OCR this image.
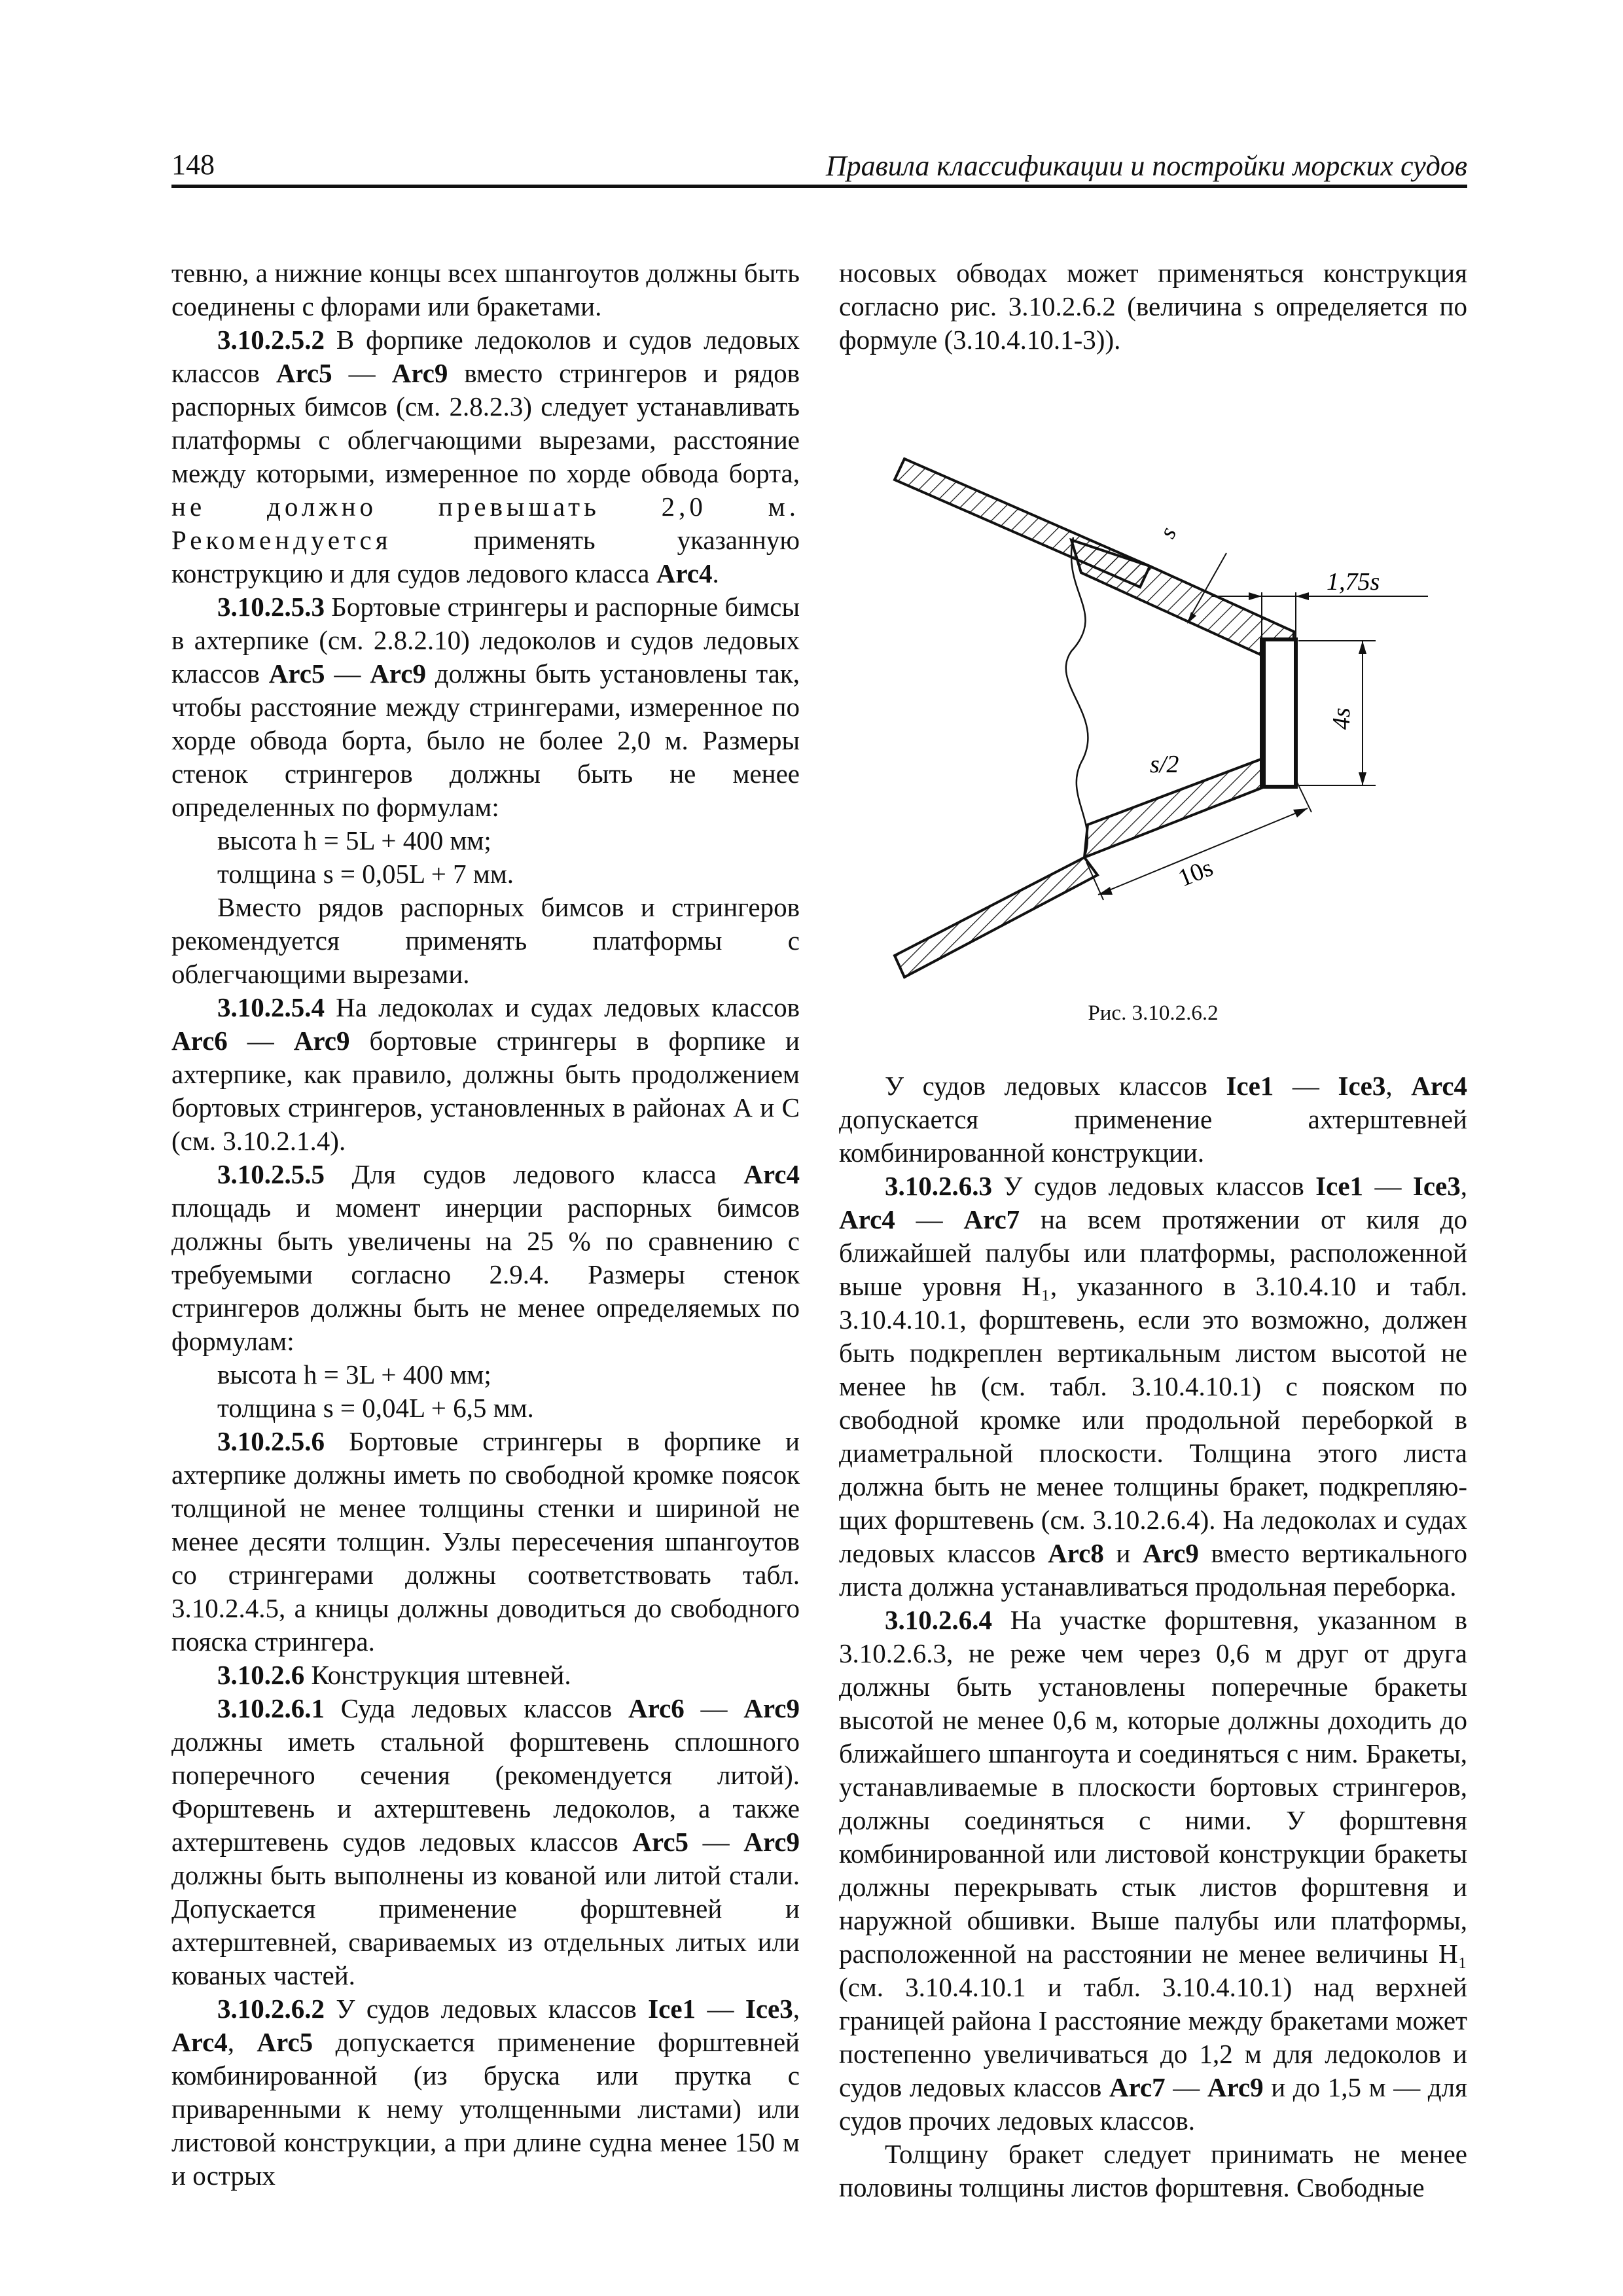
148	Правила классификации и постройки морских судов

тевню, а нижние концы всех шпангоутов должны быть соединены с флорами или бракетами.

3.10.2.5.2 В форпике ледоколов и судов ледовых классов Arc5 — Arc9 вместо стрингеров и рядов распорных бимсов (см. 2.8.2.3) следует устанавливать платформы с облегчающими вырезами, расстояние между которыми, измеренное по хорде обвода борта, не должно превышать 2,0 м. Рекомендуется применять указанную конструкцию и для судов ледового класса Arc4.

3.10.2.5.3 Бортовые стрингеры и распорные бимсы в ахтерпике (см. 2.8.2.10) ледоколов и судов ледовых классов Arc5 — Arc9 должны быть установлены так, чтобы расстояние между стрингерами, измеренное по хорде обвода борта, было не более 2,0 м. Размеры стенок стрингеров должны быть не менее определенных по формулам:

высота h = 5L + 400 мм;

толщина s = 0,05L + 7 мм.

Вместо рядов распорных бимсов и стрингеров рекомендуется применять платформы с облегчающими вырезами.

3.10.2.5.4 На ледоколах и судах ледовых классов Arc6 — Arc9 бортовые стрингеры в форпике и ахтерпике, как правило, должны быть продолжением бортовых стрингеров, установленных в районах А и С (см. 3.10.2.1.4).

3.10.2.5.5 Для судов ледового класса Arc4 площадь и момент инерции распорных бимсов должны быть увеличены на 25 % по сравнению с требуемыми согласно 2.9.4. Размеры стенок стрингеров должны быть не менее определяемых по формулам:

высота h = 3L + 400 мм;

толщина s = 0,04L + 6,5 мм.

3.10.2.5.6 Бортовые стрингеры в форпике и ахтерпике должны иметь по свободной кромке поясок толщиной не менее толщины стенки и шириной не менее десяти толщин. Узлы пересечения шпангоутов со стрингерами должны соответствовать табл. 3.10.2.4.5, а кницы должны доводиться до свободного пояска стрингера.

3.10.2.6 Конструкция штевней.

3.10.2.6.1 Суда ледовых классов Arc6 — Arc9 должны иметь стальной форштевень сплошного поперечного сечения (рекомендуется литой). Форштевень и ахтерштевень ледоколов, а также ахтерштевень судов ледовых классов Arc5 — Arc9 должны быть выполнены из кованой или литой стали. Допускается применение форштевней и ахтерштевней, свариваемых из отдельных литых или кованых частей.

3.10.2.6.2 У судов ледовых классов Ice1 — Ice3, Arc4, Arc5 допускается применение форштевней комбинированной (из бруска или прутка с приваренными к нему утолщенными листами) или листовой конструкции, а при длине судна менее 150 м и острых

носовых обводах может применяться конструкция согласно рис. 3.10.2.6.2 (величина s определяется по формуле (3.10.4.10.1-3)).

s
1,75s
4s
s/2
10s

Рис. 3.10.2.6.2

У судов ледовых классов Ice1 — Ice3, Arc4 допускается применение ахтерштевней комбинированной конструкции.

3.10.2.6.3 У судов ледовых классов Ice1 — Ice3, Arc4 — Arc7 на всем протяжении от киля до ближайшей палубы или платформы, расположенной выше уровня H₁, указанного в 3.10.4.10 и табл. 3.10.4.10.1, форштевень, если это возможно, должен быть подкреплен вертикальным листом высотой не менее hв (см. табл. 3.10.4.10.1) с пояском по свободной кромке или продольной переборкой в диаметральной плоскости. Толщина этого листа должна быть не менее толщины бракет, подкрепляю-щих форштевень (см. 3.10.2.6.4). На ледоколах и судах ледовых классов Arc8 и Arc9 вместо вертикального листа должна устанавливаться продольная переборка.

3.10.2.6.4 На участке форштевня, указанном в 3.10.2.6.3, не реже чем через 0,6 м друг от друга должны быть установлены поперечные бракеты высотой не менее 0,6 м, которые должны доходить до ближайшего шпангоута и соединяться с ним. Бракеты, устанавливаемые в плоскости бортовых стрингеров, должны соединяться с ними. У форштевня комбинированной или листовой конструкции бракеты должны перекрывать стык листов форштевня и наружной обшивки. Выше палубы или платформы, расположенной на расстоянии не менее величины H₁ (см. 3.10.4.10.1 и табл. 3.10.4.10.1) над верхней границей района I расстояние между бракетами может постепенно увеличиваться до 1,2 м для ледоколов и судов ледовых классов Arc7 — Arc9 и до 1,5 м — для судов прочих ледовых классов.

Толщину бракет следует принимать не менее половины толщины листов форштевня. Свободные
